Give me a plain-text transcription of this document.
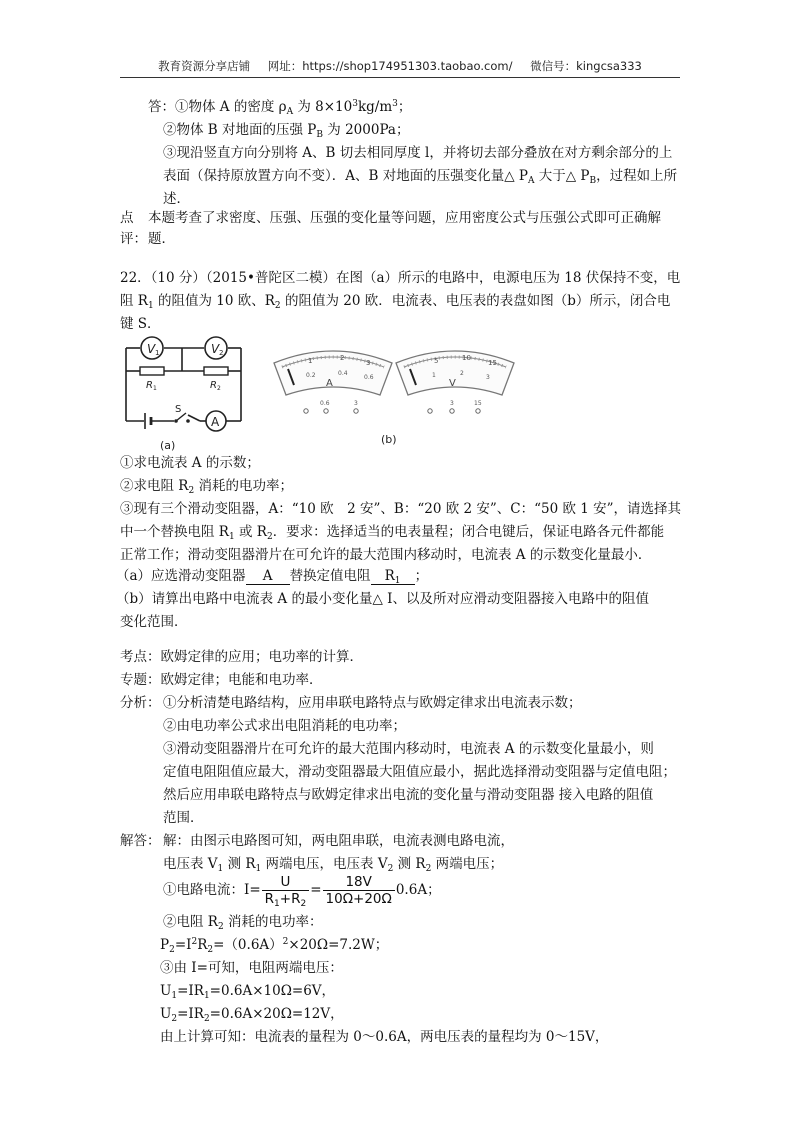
教育资源分享店铺 网址：https://shop174951303.taobao.com/ 微信号：kingcsa333
答：①物体 A 的密度 $\rho_A$ 为 $8\times 10^3kg/m^3$；
②物体 B 对地面的压强 $P_B$ 为 2000Pa；
③现沿竖直方向分别将 A、B 切去相同厚度 l，并将切去部分叠放在对方剩余部分的上
表面（保持原放置方向不变）．A、B 对地面的压强变化量△ $P_A$ 大于△ $P_B$，过程如上所
述．
点 本题考查了求密度、压强、压强的变化量等问题，应用密度公式与压强公式即可正确解
评： 题．
22．（10 分）（2015•普陀区二模）在图（a）所示的电路中，电源电压为 18 伏保持不变，电
阻 $R_1$ 的阻值为 10 欧、$R_2$ 的阻值为 20 欧．电流表、电压表的表盘如图（b）所示，闭合电
键 S．
V 1	V 2
R 1	R 2
S
A
(a)
1	2
3
0.2	0.4
0.6
A
0.6	3
5	10
15
1	2
3
V
3	15
(b)
①求电流表 A 的示数；
②求电阻 $R_2$ 消耗的电功率；
③现有三个滑动变阻器，A：“10 欧　2 安”、B：“20 欧 2 安”、C：“50 欧 1 安”，请选择其
中一个替换电阻 $R_1$ 或 $R_2$．要求：选择适当的电表量程；闭合电键后，保证电路各元件都能
正常工作；滑动变阻器滑片在可允许的最大范围内移动时，电流表 A 的示数变化量最小．
（a）应选滑动变阻器 A 替换定值电阻 $R_1$ ；
（b）请算出电路中电流表 A 的最小变化量△ I、以及所对应滑动变阻器接入电路中的阻值
变化范围．
考点：欧姆定律的应用；电功率的计算．
专题：欧姆定律；电能和电功率．
分析： ①分析清楚电路结构，应用串联电路特点与欧姆定律求出电流表示数；
②由电功率公式求出电阻消耗的电功率；
③滑动变阻器滑片在可允许的最大范围内移动时，电流表 A 的示数变化量最小，则
定值电阻阻值应最大，滑动变阻器最大阻值应最小，据此选择滑动变阻器与定值电阻；
然后应用串联电路特点与欧姆定律求出电流的变化量与滑动变阻器 接入电路的阻值
范围．
解答： 解：由图示电路图可知，两电阻串联，电流表测电路电流，
电压表 $V_1$ 测 $R_1$ 两端电压，电压表 $V_2$ 测 $R_2$ 两端电压；
①电路电流：$I= \frac{U}{R_1+R_2} = \frac{18V}{10\Omega+20\Omega} 0.6A$；
②电阻 $R_2$ 消耗的电功率：
$P_2=I^2R_2=(0.6A)^2\times 20\Omega=7.2W$；
③由 I=可知，电阻两端电压：
$U_1=IR_1=0.6A\times 10\Omega=6V$，
$U_2=IR_2=0.6A\times 20\Omega=12V$，
由上计算可知：电流表的量程为 0～0.6A，两电压表的量程均为 0～15V，
